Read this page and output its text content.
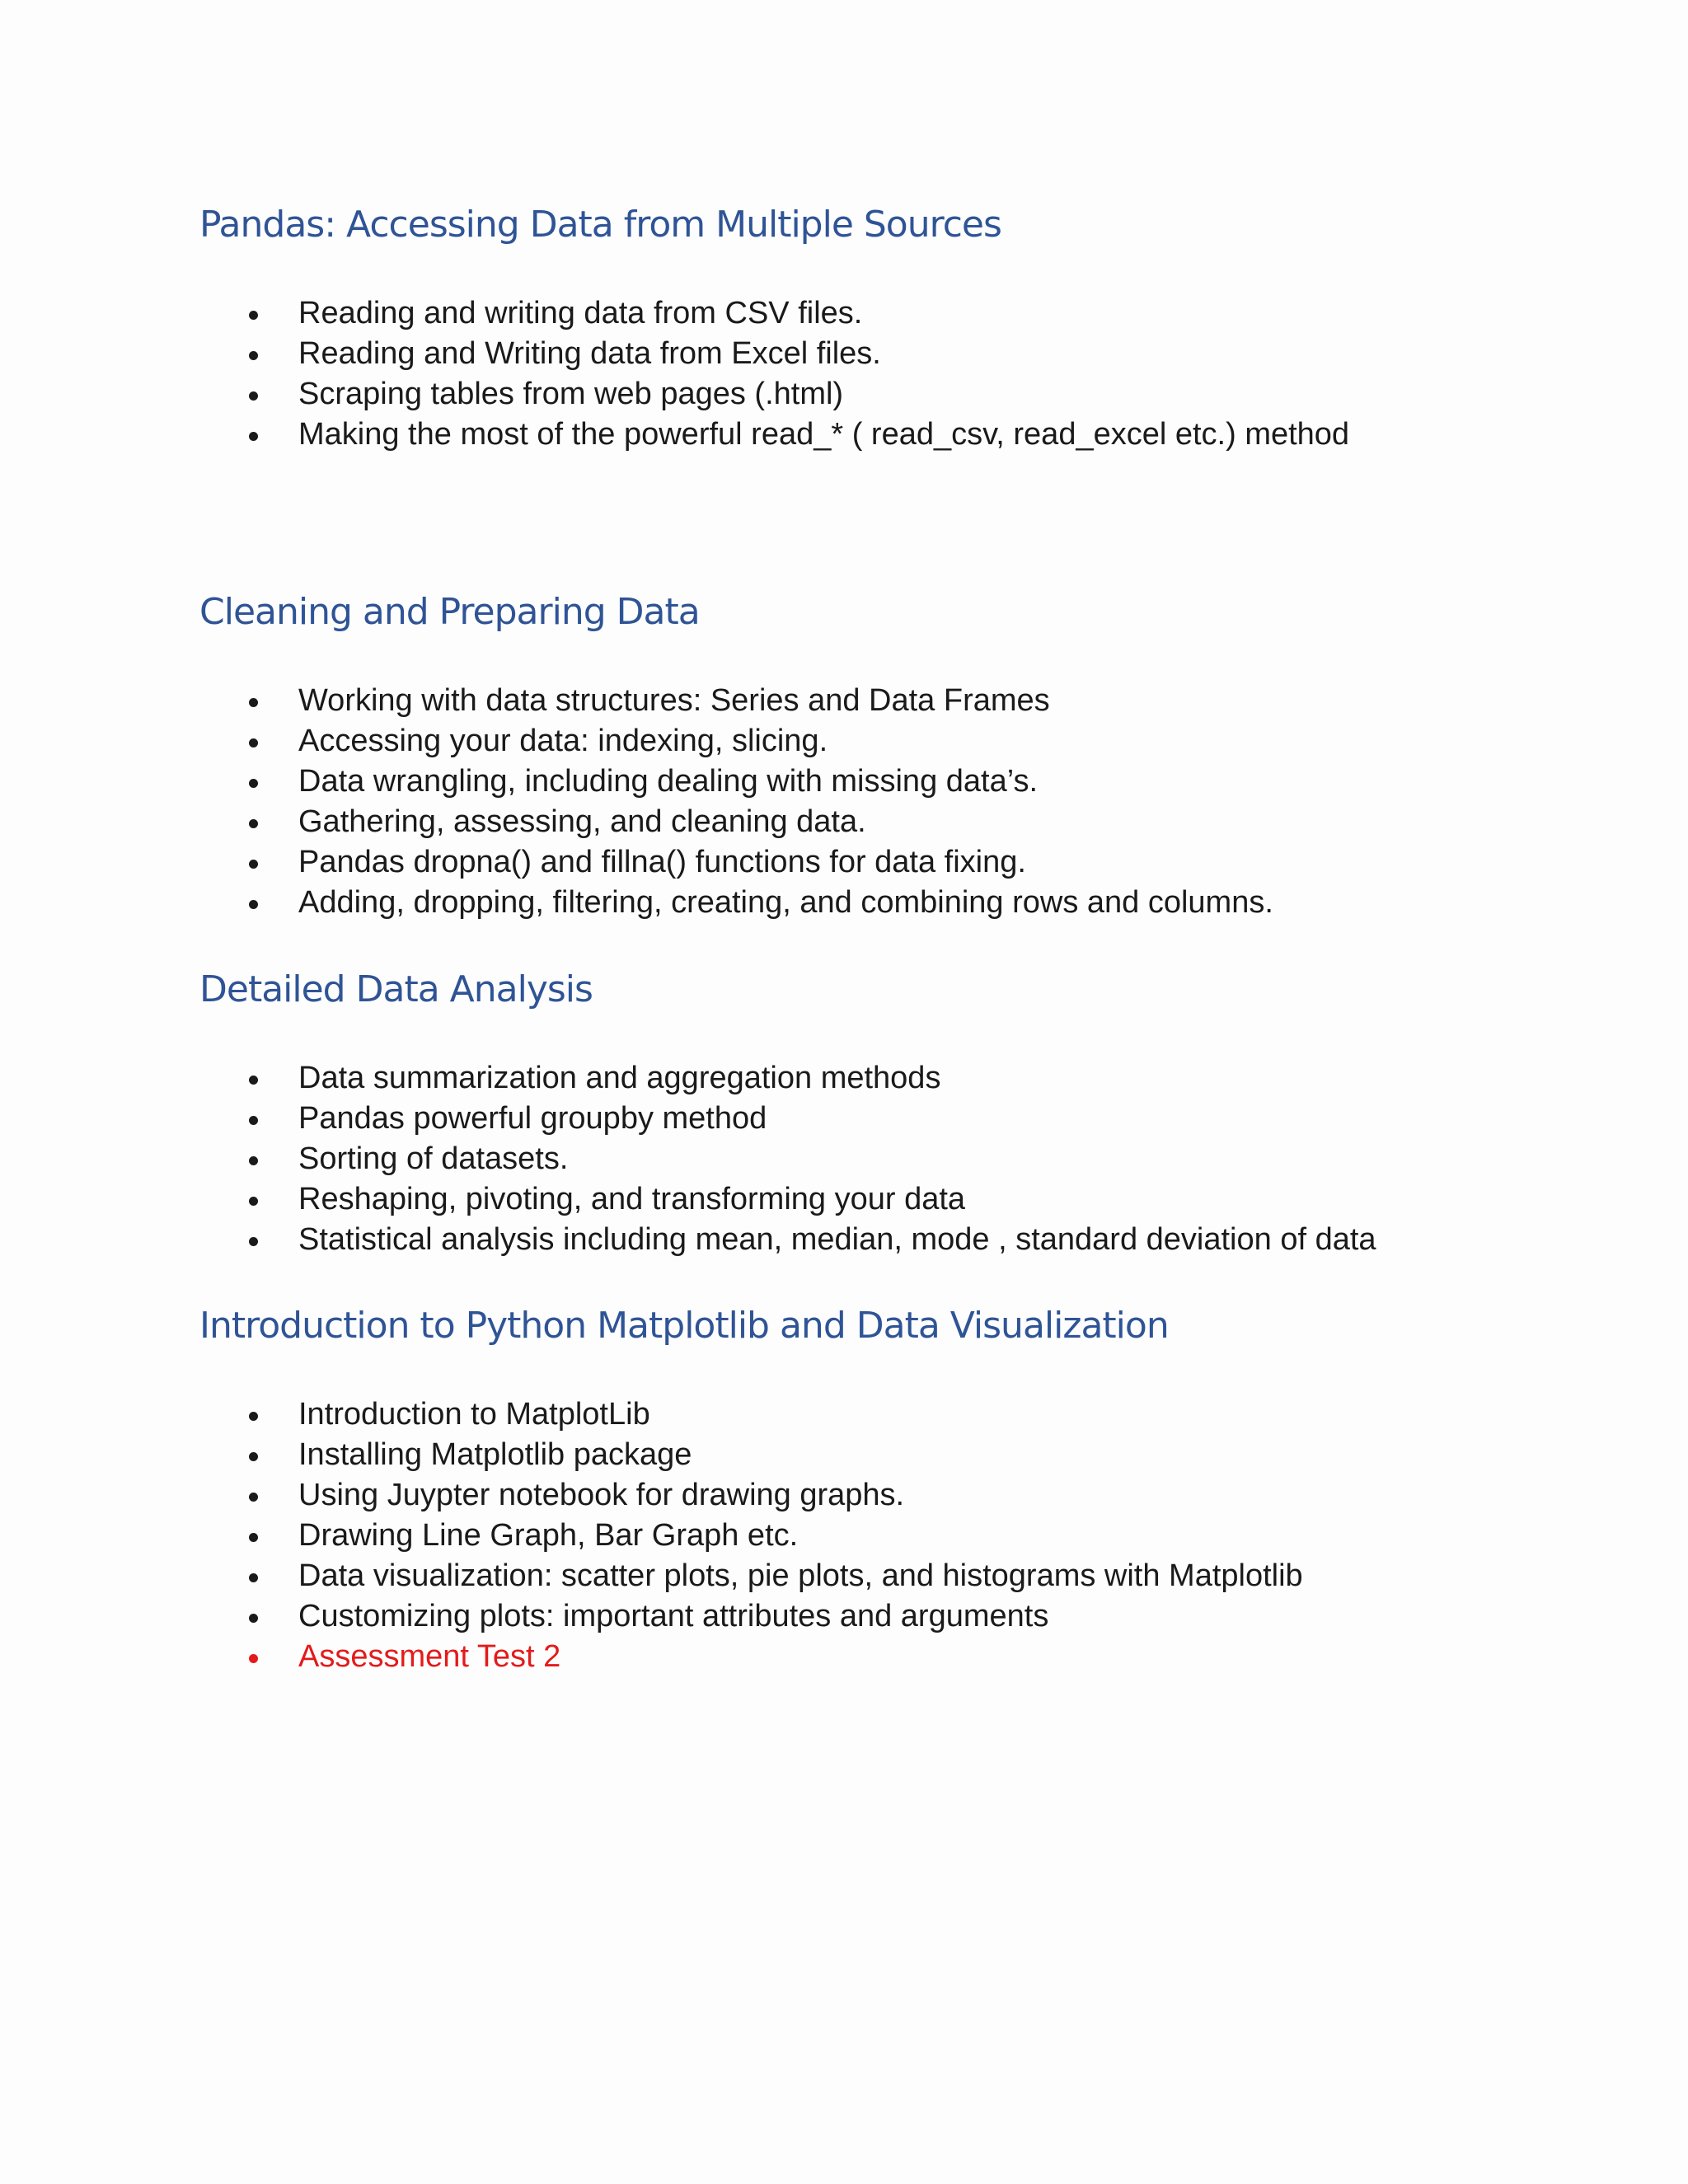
Pandas: Accessing Data from Multiple Sources
Reading and writing data from CSV files.
Reading and Writing data from Excel files.
Scraping tables from web pages (.html)
Making the most of the powerful read_* ( read_csv, read_excel etc.) method
Cleaning and Preparing Data
Working with data structures: Series and Data Frames
Accessing your data: indexing, slicing.
Data wrangling, including dealing with missing data’s.
Gathering, assessing, and cleaning data.
Pandas dropna() and fillna() functions for data fixing.
Adding, dropping, filtering, creating, and combining rows and columns.
Detailed Data Analysis
Data summarization and aggregation methods
Pandas powerful groupby method
Sorting of datasets.
Reshaping, pivoting, and transforming your data
Statistical analysis including mean, median, mode , standard deviation of data
Introduction to Python Matplotlib and Data Visualization
Introduction to MatplotLib
Installing Matplotlib package
Using Juypter notebook for drawing graphs.
Drawing Line Graph, Bar Graph etc.
Data visualization: scatter plots, pie plots, and histograms with Matplotlib
Customizing plots: important attributes and arguments
Assessment Test 2
